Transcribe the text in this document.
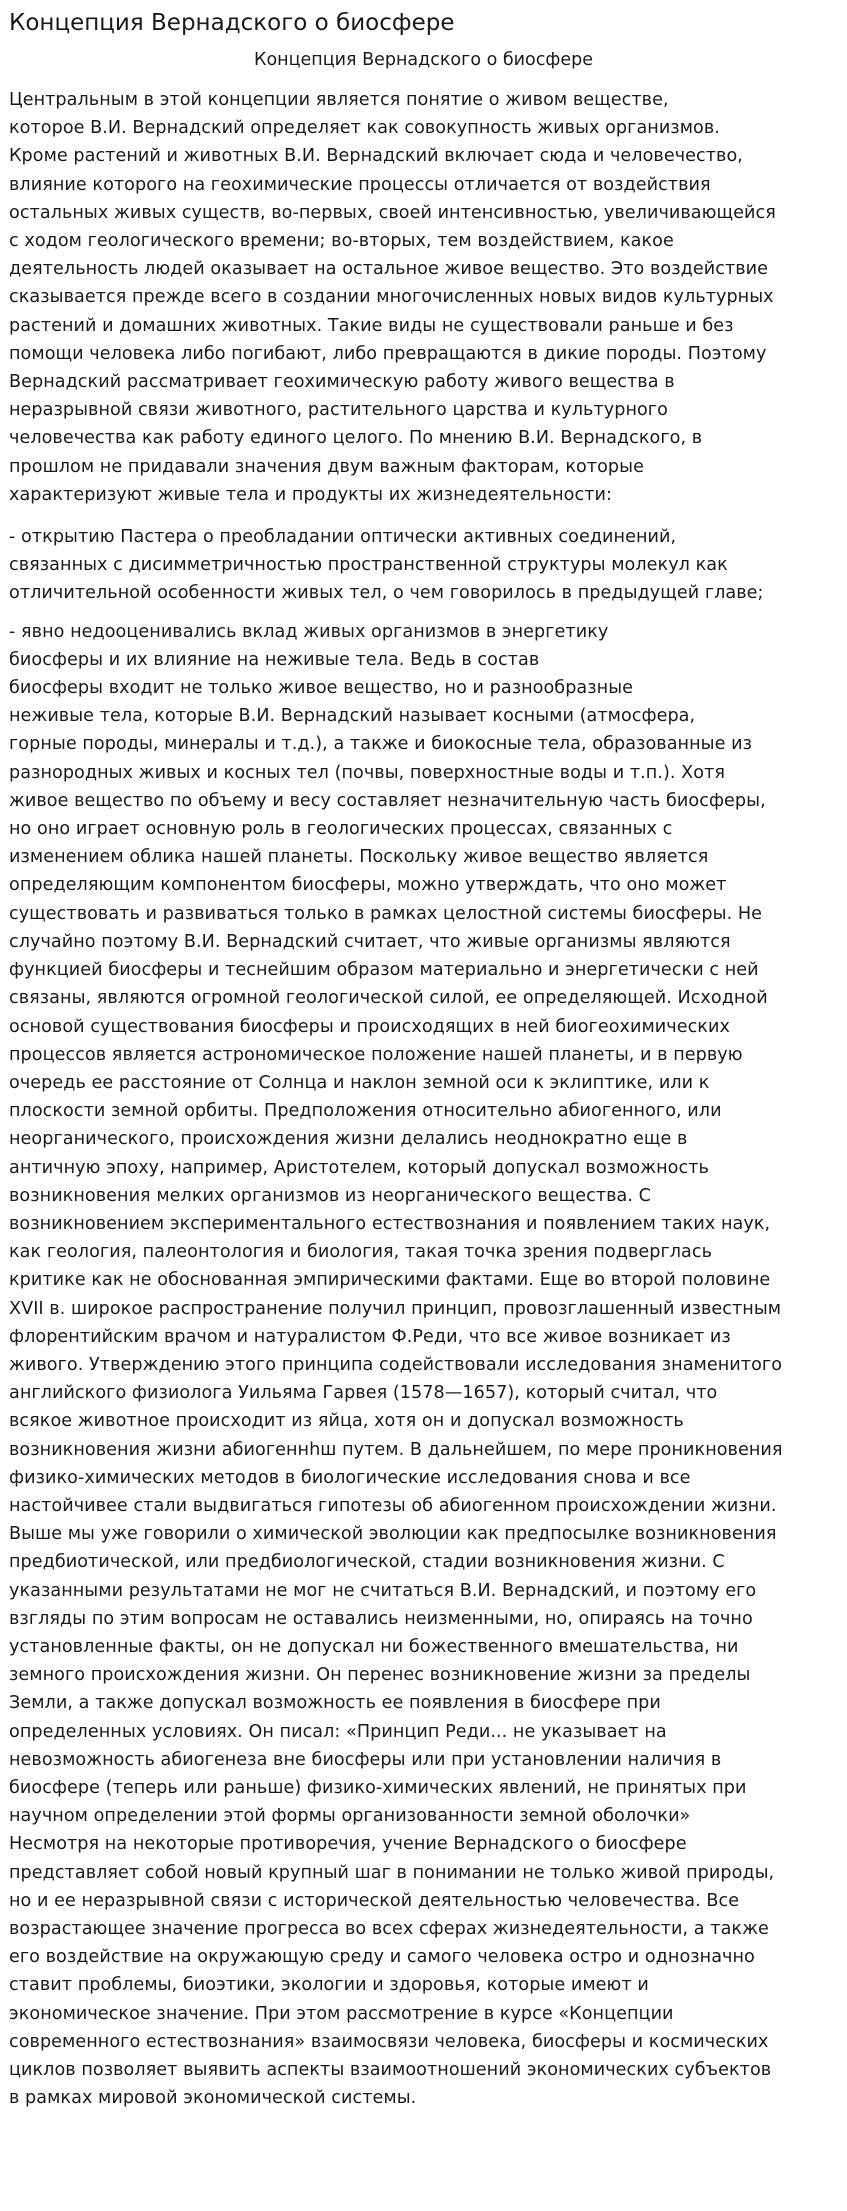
Концепция Вернадского о биосфере
Концепция Вернадского о биосфере
Центральным в этой концепции является понятие о живом веществе,
которое В.И. Вернадский определяет как совокупность живых организмов.
Кроме растений и животных В.И. Вернадский включает сюда и человечество,
влияние которого на геохимические процессы отличается от воздействия
остальных живых существ, во-первых, своей интенсивностью, увеличивающейся
с ходом геологического времени; во-вторых, тем воздействием, какое
деятельность людей оказывает на остальное живое вещество. Это воздействие
сказывается прежде всего в создании многочисленных новых видов культурных
растений и домашних животных. Такие виды не существовали раньше и без
помощи человека либо погибают, либо превращаются в дикие породы. Поэтому
Вернадский рассматривает геохимическую работу живого вещества в
неразрывной связи животного, растительного царства и культурного
человечества как работу единого целого. По мнению В.И. Вернадского, в
прошлом не придавали значения двум важным факторам, которые
характеризуют живые тела и продукты их жизнедеятельности:
- открытию Пастера о преобладании оптически активных соединений,
связанных с дисимметричностью пространственной структуры молекул как
отличительной особенности живых тел, о чем говорилось в предыдущей главе;
- явно недооценивались вклад живых организмов в энергетику
биосферы и их влияние на неживые тела. Ведь в состав
биосферы входит не только живое вещество, но и разнообразные
неживые тела, которые В.И. Вернадский называет косными (атмосфера,
горные породы, минералы и т.д.), а также и биокосные тела, образованные из
разнородных живых и косных тел (почвы, поверхностные воды и т.п.). Хотя
живое вещество по объему и весу составляет незначительную часть биосферы,
но оно играет основную роль в геологических процессах, связанных с
изменением облика нашей планеты. Поскольку живое вещество является
определяющим компонентом биосферы, можно утверждать, что оно может
существовать и развиваться только в рамках целостной системы биосферы. Не
случайно поэтому В.И. Вернадский считает, что живые организмы являются
функцией биосферы и теснейшим образом материально и энергетически с ней
связаны, являются огромной геологической силой, ее определяющей. Исходной
основой существования биосферы и происходящих в ней биогеохимических
процессов является астрономическое положение нашей планеты, и в первую
очередь ее расстояние от Солнца и наклон земной оси к эклиптике, или к
плоскости земной орбиты. Предположения относительно абиогенного, или
неорганического, происхождения жизни делались неоднократно еще в
античную эпоху, например, Аристотелем, который допускал возможность
возникновения мелких организмов из неорганического вещества. С
возникновением экспериментального естествознания и появлением таких наук,
как геология, палеонтология и биология, такая точка зрения подверглась
критике как не обоснованная эмпирическими фактами. Еще во второй половине
XVII в. широкое распространение получил принцип, провозглашенный известным
флорентийским врачом и натуралистом Ф.Реди, что все живое возникает из
живого. Утверждению этого принципа содействовали исследования знаменитого
английского физиолога Уильяма Гарвея (1578—1657), который считал, что
всякое животное происходит из яйца, хотя он и допускал возможность
возникновения жизни абиогеннһш путем. В дальнейшем, по мере проникновения
физико-химических методов в биологические исследования снова и все
настойчивее стали выдвигаться гипотезы об абиогенном происхождении жизни.
Выше мы уже говорили о химической эволюции как предпосылке возникновения
предбиотической, или предбиологической, стадии возникновения жизни. С
указанными результатами не мог не считаться В.И. Вернадский, и поэтому его
взгляды по этим вопросам не оставались неизменными, но, опираясь на точно
установленные факты, он не допускал ни божественного вмешательства, ни
земного происхождения жизни. Он перенес возникновение жизни за пределы
Земли, а также допускал возможность ее появления в биосфере при
определенных условиях. Он писал: «Принцип Реди... не указывает на
невозможность абиогенеза вне биосферы или при установлении наличия в
биосфере (теперь или раньше) физико-химических явлений, не принятых при
научном определении этой формы организованности земной оболочки»
Несмотря на некоторые противоречия, учение Вернадского о биосфере
представляет собой новый крупный шаг в понимании не только живой природы,
но и ее неразрывной связи с исторической деятельностью человечества. Все
возрастающее значение прогресса во всех сферах жизнедеятельности, а также
его воздействие на окружающую среду и самого человека остро и однозначно
ставит проблемы, биоэтики, экологии и здоровья, которые имеют и
экономическое значение. При этом рассмотрение в курсе «Концепции
современного естествознания» взаимосвязи человека, биосферы и космических
циклов позволяет выявить аспекты взаимоотношений экономических субъектов
в рамках мировой экономической системы.
